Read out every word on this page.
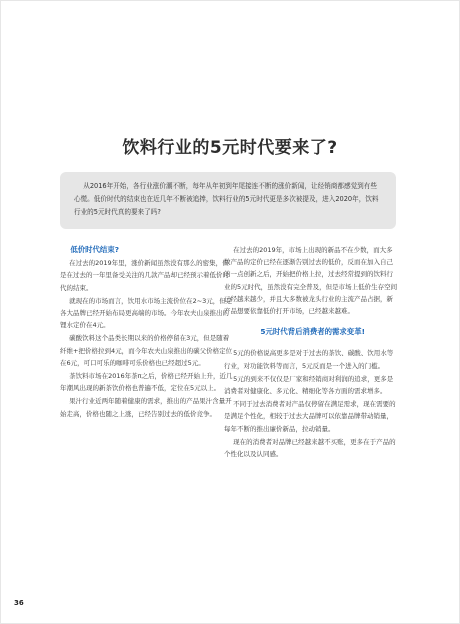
饮料行业的5元时代要来了?
从2016年开始，各行业涨价潮不断，每年从年初到年尾接连不断的涨价新闻，让经销商都感觉到有些心慌。低价时代的结束也在近几年不断被追捧，饮料行业的5元时代更是多次被提及，进入2020年，饮料行业的5元时代真的要来了吗?

低价时代结束?

在过去的2019年里，涨价新闻虽然没有那么的密集，但是在过去的一年里备受关注的几款产品却已经预示着低价时代的结束。

就现在的市场而言，饮用水市场主流价位在2~3元，但是各大品牌已经开始布局更高端的市场。今年农夫山泉推出的锂水定价在4元。

碳酸饮料这个品类长期以来的价格停留在3元，但是随着纤维+把价格拉到4元，而今年农夫山泉推出的碳父价格定位在6元，可口可乐的咖啡可乐价格也已经超过5元。

茶饮料市场在2016年茶π之后，价格已经开始上升，近几年潮风出现的新茶饮价格也普遍不低，定位在5元以上。

果汁行业近两年随着健康的需求，推出的产品果汁含量开始走高，价格也随之上涨，已经告别过去的低价竞争。

在过去的2019年，市场上出现的新品不在少数，而大多数产品的定价已经在逐渐告别过去的低价，反而在加入自己的一点创新之后，开始把价格上拉，过去经常提到的饮料行业的5元时代，虽然没有完全普及，但是市场上低价生存空间已经越来越少，并且大多数被龙头行业的主流产品占据，新产品想要依靠低价打开市场，已经越来越难。

5元时代背后消费者的需求变革!

5元的价格说高更多是对于过去的茶饮、碳酸、饮用水等行业，对功能饮料等而言，5元反而是一个进入的门槛。

5元的到来不仅仅是厂家和经销商对利润的追求，更多是消费者对健康化、多元化、精细化等各方面的需求增多。

不同于过去消费者对产品仅停留在满足需求，现在需要的是满足个性化，相较于过去大品牌可以依靠品牌带动销量，每年不断的推出廉价新品，拉动销量。

现在的消费者对品牌已经越来越不买账，更多在于产品的个性化以及认同感。

36
